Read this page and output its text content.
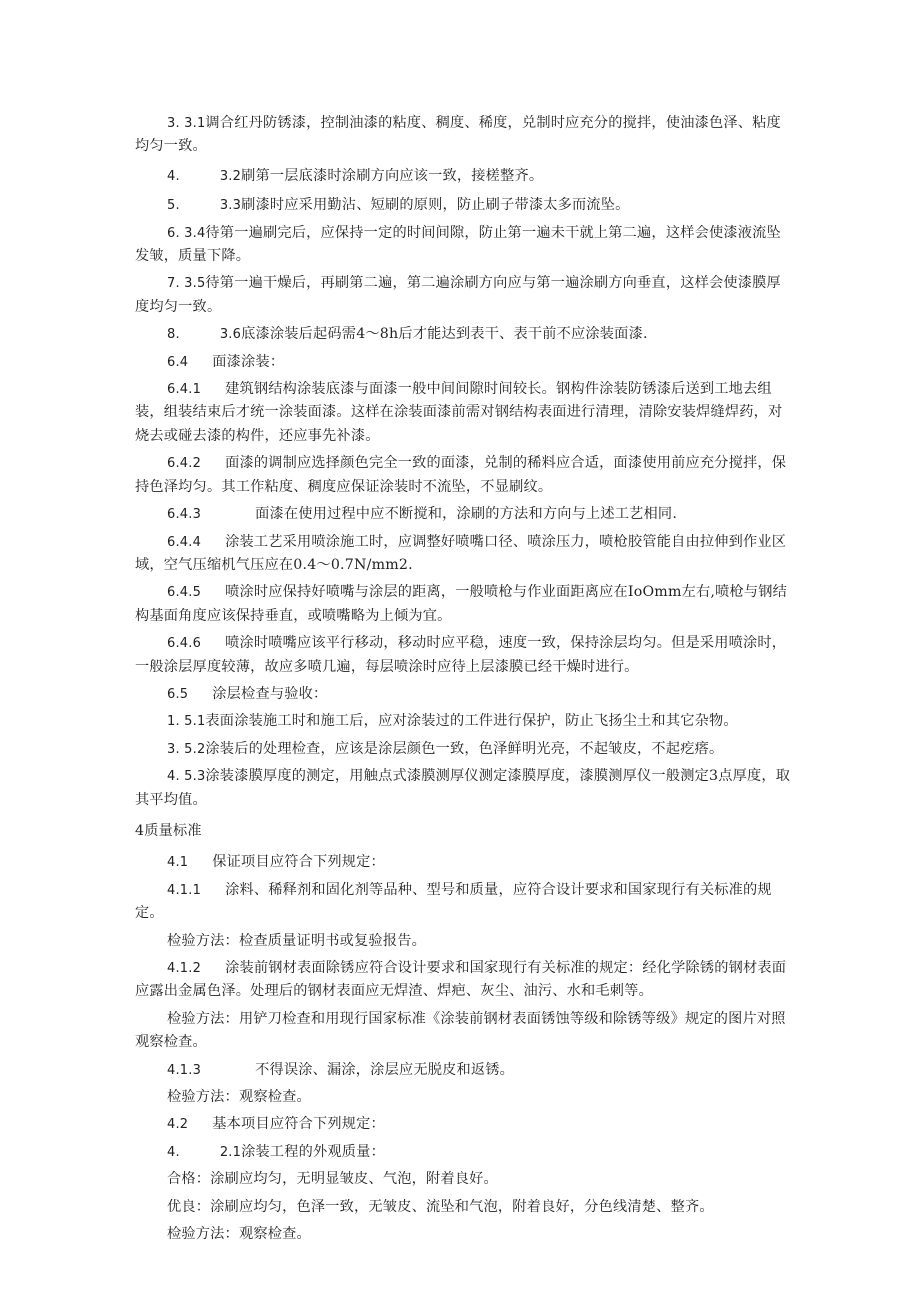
3. 3.1调合红丹防锈漆，控制油漆的粘度、稠度、稀度，兑制时应充分的搅拌，使油漆色泽、粘度均匀一致。

4.	3.2刷第一层底漆时涂刷方向应该一致，接槎整齐。

5.	3.3刷漆时应采用勤沾、短刷的原则，防止刷子带漆太多而流坠。

6. 3.4待第一遍刷完后，应保持一定的时间间隙，防止第一遍未干就上第二遍，这样会使漆液流坠发皱，质量下降。

7. 3.5待第一遍干燥后，再刷第二遍，第二遍涂刷方向应与第一遍涂刷方向垂直，这样会使漆膜厚度均匀一致。

8.	3.6底漆涂装后起码需4～8h后才能达到表干、表干前不应涂装面漆.

6.4 面漆涂装：

6.4.1 建筑钢结构涂装底漆与面漆一般中间间隙时间较长。钢构件涂装防锈漆后送到工地去组装，组装结束后才统一涂装面漆。这样在涂装面漆前需对钢结构表面进行清理，清除安装焊缝焊药，对烧去或碰去漆的构件，还应事先补漆。

6.4.2 面漆的调制应选择颜色完全一致的面漆，兑制的稀料应合适，面漆使用前应充分搅拌，保持色泽均匀。其工作粘度、稠度应保证涂装时不流坠，不显刷纹。

6.4.3	面漆在使用过程中应不断搅和，涂刷的方法和方向与上述工艺相同.

6.4.4 涂装工艺采用喷涂施工时，应调整好喷嘴口径、喷涂压力，喷枪胶管能自由拉伸到作业区域，空气压缩机气压应在0.4～0.7N∕mm2.

6.4.5 喷涂时应保持好喷嘴与涂层的距离，一般喷枪与作业面距离应在IoOmm左右,喷枪与钢结构基面角度应该保持垂直，或喷嘴略为上倾为宜。

6.4.6 喷涂时喷嘴应该平行移动，移动时应平稳，速度一致，保持涂层均匀。但是采用喷涂时，一般涂层厚度较薄，故应多喷几遍，每层喷涂时应待上层漆膜已经干燥时进行。

6.5 涂层检查与验收：

1. 5.1表面涂装施工时和施工后，应对涂装过的工件进行保护，防止飞扬尘土和其它杂物。

3. 5.2涂装后的处理检查，应该是涂层颜色一致，色泽鲜明光亮，不起皱皮，不起疙瘩。

4. 5.3涂装漆膜厚度的测定，用触点式漆膜测厚仪测定漆膜厚度，漆膜测厚仪一般测定3点厚度，取其平均值。

4质量标准

4.1 保证项目应符合下列规定：

4.1.1 涂料、稀释剂和固化剂等品种、型号和质量，应符合设计要求和国家现行有关标准的规定。

检验方法：检查质量证明书或复验报告。

4.1.2 涂装前钢材表面除锈应符合设计要求和国家现行有关标准的规定：经化学除锈的钢材表面应露出金属色泽。处理后的钢材表面应无焊渣、焊疤、灰尘、油污、水和毛刺等。

检验方法：用铲刀检查和用现行国家标准《涂装前钢材表面锈蚀等级和除锈等级》规定的图片对照观察检查。

4.1.3	不得误涂、漏涂，涂层应无脱皮和返锈。

检验方法：观察检查。

4.2 基本项目应符合下列规定：

4.	2.1涂装工程的外观质量：

合格：涂刷应均匀，无明显皱皮、气泡，附着良好。

优良：涂刷应均匀，色泽一致，无皱皮、流坠和气泡，附着良好，分色线清楚、整齐。

检验方法：观察检查。
